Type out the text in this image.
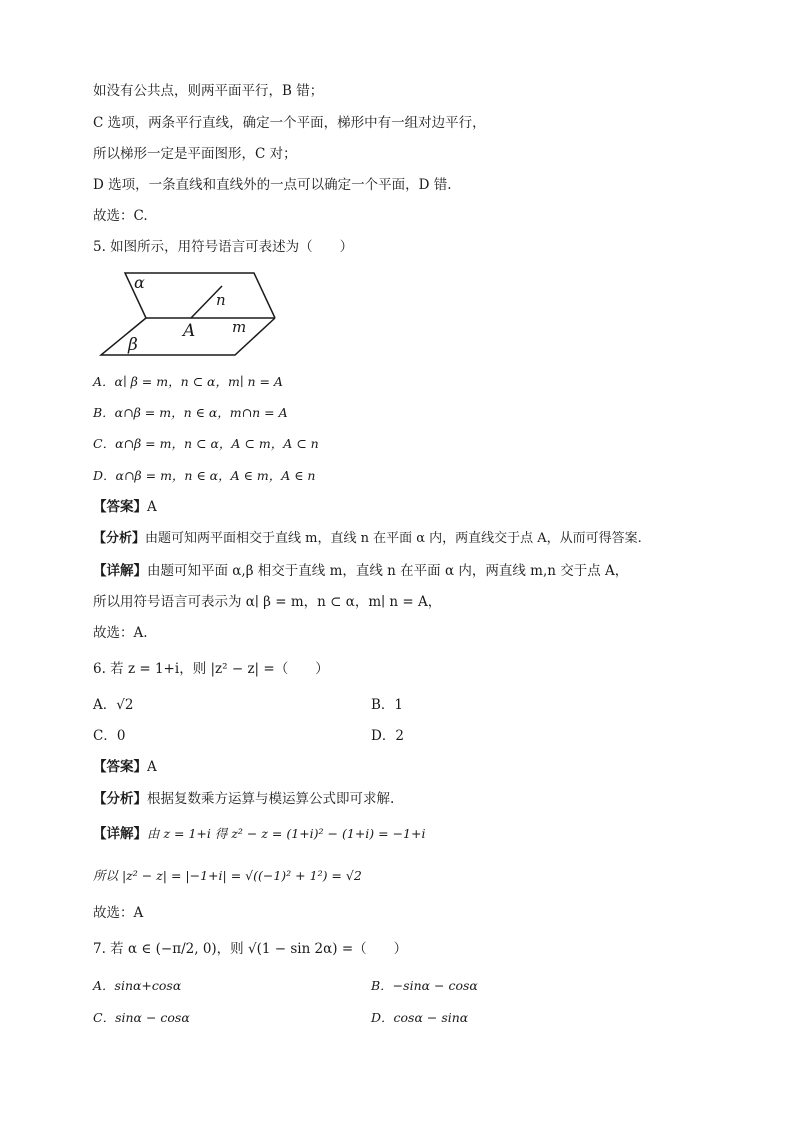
如没有公共点，则两平面平行，B 错；
C 选项，两条平行直线，确定一个平面，梯形中有一组对边平行，
所以梯形一定是平面图形，C 对；
D 选项，一条直线和直线外的一点可以确定一个平面，D 错.
故选：C.
5. 如图所示，用符号语言可表述为（　　）
α
n
m
A
β
A．α∣ β = m，n ⊂ α，m∣ n = A
B．α∩β = m，n ∈ α，m∩n = A
C．α∩β = m，n ⊂ α，A ⊂ m，A ⊂ n
D．α∩β = m，n ∈ α，A ∈ m，A ∈ n
【答案】A
【分析】由题可知两平面相交于直线 m，直线 n 在平面 α 内，两直线交于点 A，从而可得答案.
【详解】由题可知平面 α,β 相交于直线 m，直线 n 在平面 α 内，两直线 m,n 交于点 A，
所以用符号语言可表示为 α∣ β = m，n ⊂ α，m∣ n = A，
故选：A.
6. 若 z = 1+i，则 |z² − z| =（　　）
A．√2	B．1
C．0	D．2
【答案】A
【分析】根据复数乘方运算与模运算公式即可求解.
【详解】由 z = 1+i 得 z² − z = (1+i)² − (1+i) = −1+i
所以 |z² − z| = |−1+i| = √((−1)² + 1²) = √2
故选：A
7. 若 α ∈ (−π/2, 0)，则 √(1 − sin 2α) =（　　）
A．sinα+cosα	B．−sinα − cosα
C．sinα − cosα	D．cosα − sinα
